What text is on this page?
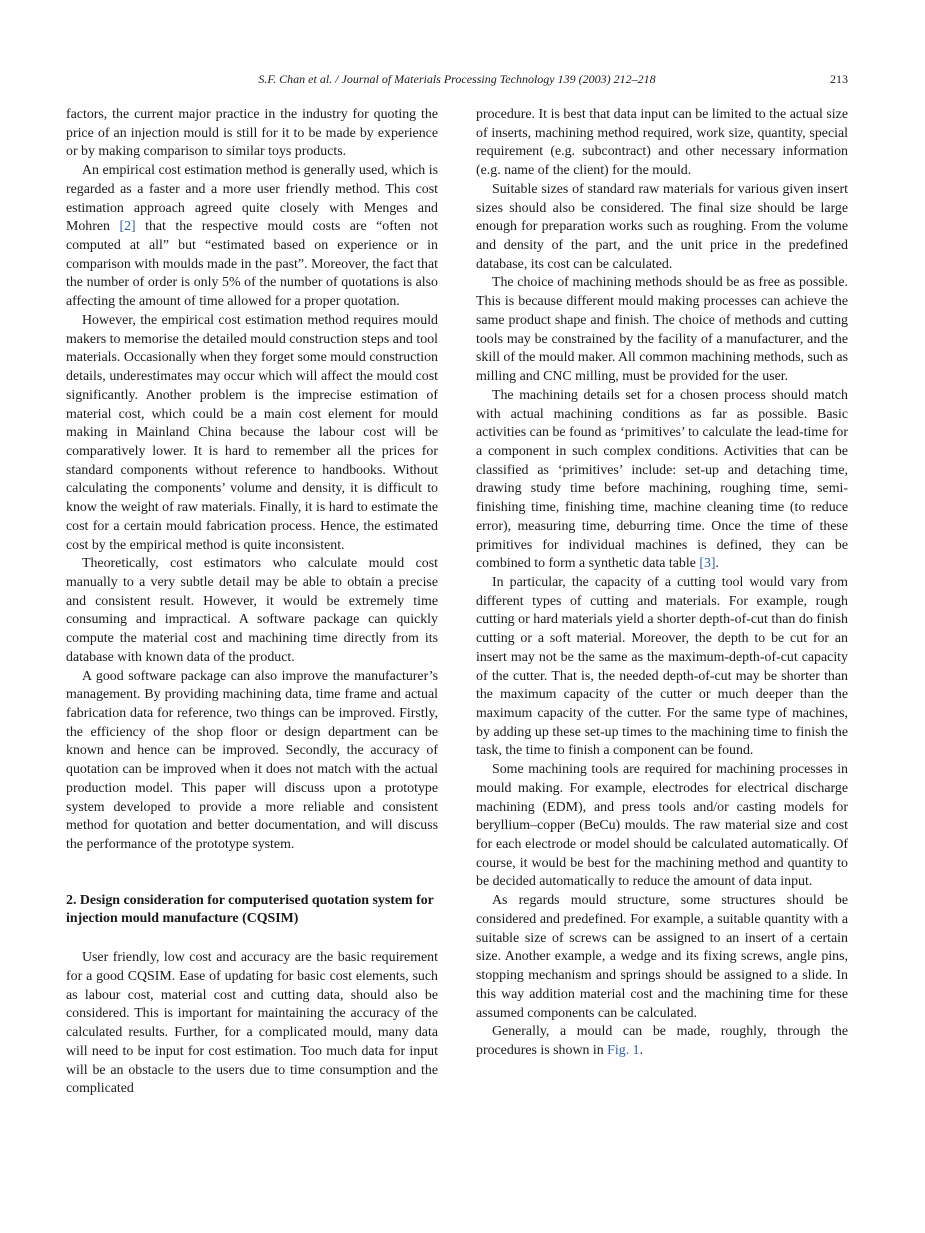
S.F. Chan et al. / Journal of Materials Processing Technology 139 (2003) 212–218	213

factors, the current major practice in the industry for quoting the price of an injection mould is still for it to be made by experience or by making comparison to similar toys products.

An empirical cost estimation method is generally used, which is regarded as a faster and a more user friendly method. This cost estimation approach agreed quite closely with Menges and Mohren [2] that the respective mould costs are “often not computed at all” but “estimated based on experience or in comparison with moulds made in the past”. Moreover, the fact that the number of order is only 5% of the number of quotations is also affecting the amount of time allowed for a proper quotation.

However, the empirical cost estimation method requires mould makers to memorise the detailed mould construction steps and tool materials. Occasionally when they forget some mould construction details, underestimates may occur which will affect the mould cost significantly. Another problem is the imprecise estimation of material cost, which could be a main cost element for mould making in Mainland China because the labour cost will be comparatively lower. It is hard to remember all the prices for standard components without reference to handbooks. Without calculating the components’ volume and density, it is difficult to know the weight of raw materials. Finally, it is hard to estimate the cost for a certain mould fabrication process. Hence, the estimated cost by the empirical method is quite inconsistent.

Theoretically, cost estimators who calculate mould cost manually to a very subtle detail may be able to obtain a precise and consistent result. However, it would be extremely time consuming and impractical. A software package can quickly compute the material cost and machining time directly from its database with known data of the product.

A good software package can also improve the manufacturer’s management. By providing machining data, time frame and actual fabrication data for reference, two things can be improved. Firstly, the efficiency of the shop floor or design department can be known and hence can be improved. Secondly, the accuracy of quotation can be improved when it does not match with the actual production model. This paper will discuss upon a prototype system developed to provide a more reliable and consistent method for quotation and better documentation, and will discuss the performance of the prototype system.

2. Design consideration for computerised quotation system for injection mould manufacture (CQSIM)

User friendly, low cost and accuracy are the basic requirement for a good CQSIM. Ease of updating for basic cost elements, such as labour cost, material cost and cutting data, should also be considered. This is important for maintaining the accuracy of the calculated results. Further, for a complicated mould, many data will need to be input for cost estimation. Too much data for input will be an obstacle to the users due to time consumption and the complicated

procedure. It is best that data input can be limited to the actual size of inserts, machining method required, work size, quantity, special requirement (e.g. subcontract) and other necessary information (e.g. name of the client) for the mould.

Suitable sizes of standard raw materials for various given insert sizes should also be considered. The final size should be large enough for preparation works such as roughing. From the volume and density of the part, and the unit price in the predefined database, its cost can be calculated.

The choice of machining methods should be as free as possible. This is because different mould making processes can achieve the same product shape and finish. The choice of methods and cutting tools may be constrained by the facility of a manufacturer, and the skill of the mould maker. All common machining methods, such as milling and CNC milling, must be provided for the user.

The machining details set for a chosen process should match with actual machining conditions as far as possible. Basic activities can be found as ‘primitives’ to calculate the lead-time for a component in such complex conditions. Activities that can be classified as ‘primitives’ include: set-up and detaching time, drawing study time before machining, roughing time, semi-finishing time, finishing time, machine cleaning time (to reduce error), measuring time, deburring time. Once the time of these primitives for individual machines is defined, they can be combined to form a synthetic data table [3].

In particular, the capacity of a cutting tool would vary from different types of cutting and materials. For example, rough cutting or hard materials yield a shorter depth-of-cut than do finish cutting or a soft material. Moreover, the depth to be cut for an insert may not be the same as the maximum-depth-of-cut capacity of the cutter. That is, the needed depth-of-cut may be shorter than the maximum capacity of the cutter or much deeper than the maximum capacity of the cutter. For the same type of machines, by adding up these set-up times to the machining time to finish the task, the time to finish a component can be found.

Some machining tools are required for machining processes in mould making. For example, electrodes for electrical discharge machining (EDM), and press tools and/or casting models for beryllium–copper (BeCu) moulds. The raw material size and cost for each electrode or model should be calculated automatically. Of course, it would be best for the machining method and quantity to be decided automatically to reduce the amount of data input.

As regards mould structure, some structures should be considered and predefined. For example, a suitable quantity with a suitable size of screws can be assigned to an insert of a certain size. Another example, a wedge and its fixing screws, angle pins, stopping mechanism and springs should be assigned to a slide. In this way addition material cost and the machining time for these assumed components can be calculated.

Generally, a mould can be made, roughly, through the procedures is shown in Fig. 1.
